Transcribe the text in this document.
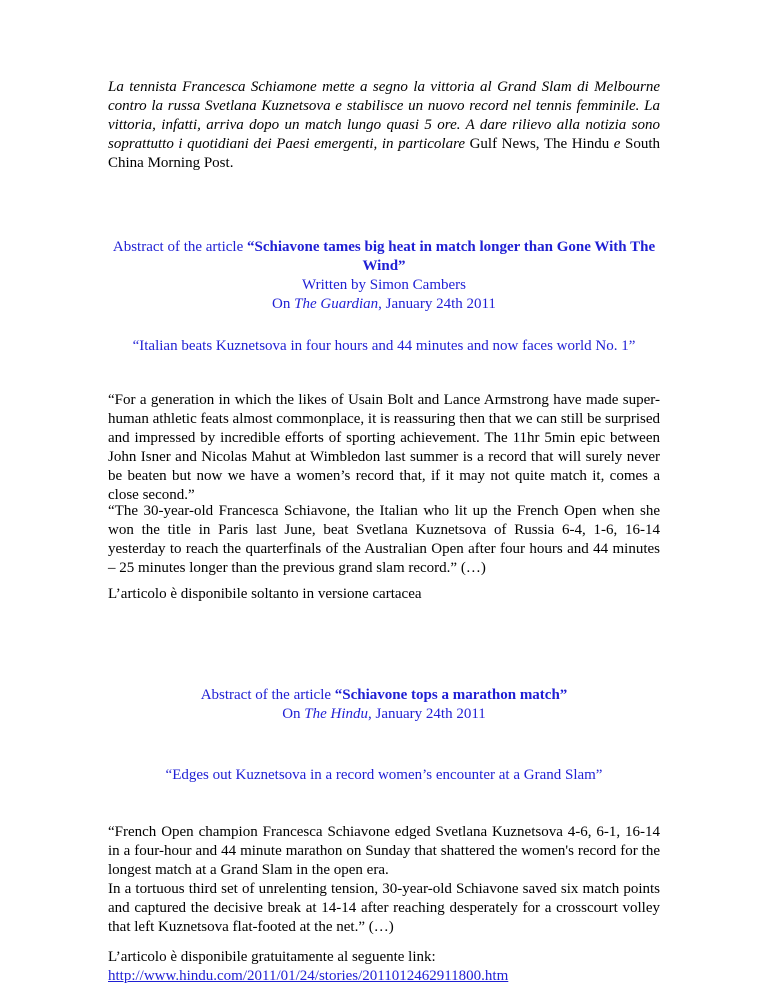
La tennista Francesca Schiamone mette a segno la vittoria al Grand Slam di Melbourne contro la russa Svetlana Kuznetsova e stabilisce un nuovo record nel tennis femminile. La vittoria, infatti, arriva dopo un match lungo quasi 5 ore. A dare rilievo alla notizia sono soprattutto i quotidiani dei Paesi emergenti, in particolare Gulf News, The Hindu e South China Morning Post.

Abstract of the article “Schiavone tames big heat in match longer than Gone With The Wind”

Written by Simon Cambers

On The Guardian, January 24th 2011

“Italian beats Kuznetsova in four hours and 44 minutes and now faces world No. 1”

“For a generation in which the likes of Usain Bolt and Lance Armstrong have made super-human athletic feats almost commonplace, it is reassuring then that we can still be surprised and impressed by incredible efforts of sporting achievement. The 11hr 5min epic between John Isner and Nicolas Mahut at Wimbledon last summer is a record that will surely never be beaten but now we have a women’s record that, if it may not quite match it, comes a close second.”

“The 30-year-old Francesca Schiavone, the Italian who lit up the French Open when she won the title in Paris last June, beat Svetlana Kuznetsova of Russia 6-4, 1-6, 16-14 yesterday to reach the quarterfinals of the Australian Open after four hours and 44 minutes – 25 minutes longer than the previous grand slam record.” (…)

L’articolo è disponibile soltanto in versione cartacea

Abstract of the article “Schiavone tops a marathon match”

On The Hindu, January 24th 2011

“Edges out Kuznetsova in a record women’s encounter at a Grand Slam”

“French Open champion Francesca Schiavone edged Svetlana Kuznetsova 4-6, 6-1, 16-14 in a four-hour and 44 minute marathon on Sunday that shattered the women's record for the longest match at a Grand Slam in the open era.

In a tortuous third set of unrelenting tension, 30-year-old Schiavone saved six match points and captured the decisive break at 14-14 after reaching desperately for a crosscourt volley that left Kuznetsova flat-footed at the net.” (…)

L’articolo è disponibile gratuitamente al seguente link:

http://www.hindu.com/2011/01/24/stories/2011012462911800.htm
